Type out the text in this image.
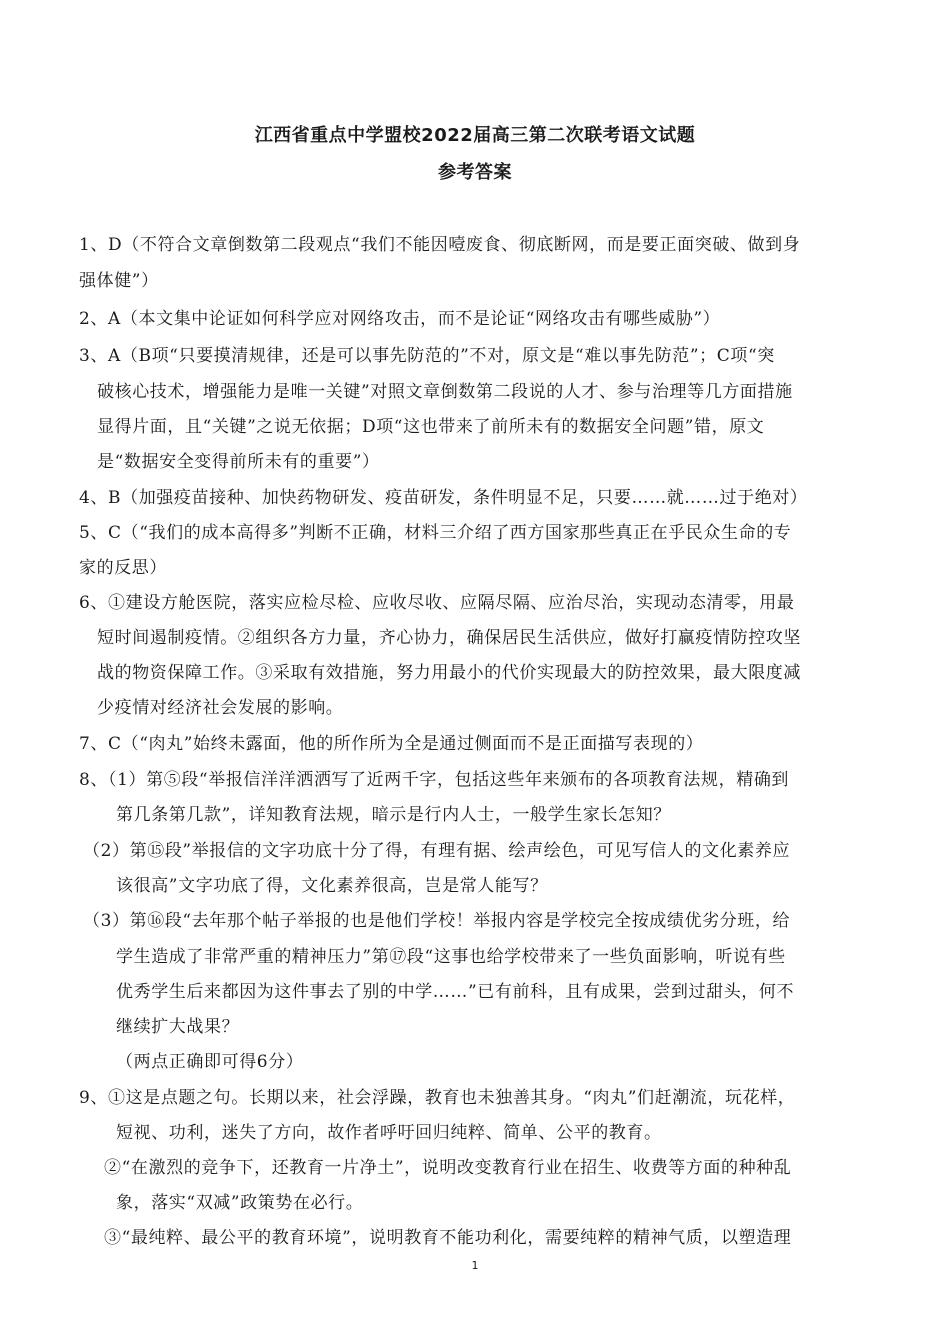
江西省重点中学盟校2022届高三第二次联考语文试题
参考答案
1、D（不符合文章倒数第二段观点“我们不能因噎废食、彻底断网，而是要正面突破、做到身
强体健”）
2、A（本文集中论证如何科学应对网络攻击，而不是论证“网络攻击有哪些威胁”）
3、A（B项“只要摸清规律，还是可以事先防范的”不对，原文是“难以事先防范”；C项“突
破核心技术，增强能力是唯一关键”对照文章倒数第二段说的人才、参与治理等几方面措施
显得片面，且“关键”之说无依据；D项“这也带来了前所未有的数据安全问题”错，原文
是“数据安全变得前所未有的重要”）
4、B（加强疫苗接种、加快药物研发、疫苗研发，条件明显不足，只要……就……过于绝对）
5、C（“我们的成本高得多”判断不正确，材料三介绍了西方国家那些真正在乎民众生命的专
家的反思）
6、①建设方舱医院，落实应检尽检、应收尽收、应隔尽隔、应治尽治，实现动态清零，用最
短时间遏制疫情。②组织各方力量，齐心协力，确保居民生活供应，做好打赢疫情防控攻坚
战的物资保障工作。③采取有效措施，努力用最小的代价实现最大的防控效果，最大限度减
少疫情对经济社会发展的影响。
7、C（“肉丸”始终未露面，他的所作所为全是通过侧面而不是正面描写表现的）
8、（1）第⑤段“举报信洋洋洒洒写了近两千字，包括这些年来颁布的各项教育法规，精确到
第几条第几款”，详知教育法规，暗示是行内人士，一般学生家长怎知？
（2）第⑮段”举报信的文字功底十分了得，有理有据、绘声绘色，可见写信人的文化素养应
该很高”文字功底了得，文化素养很高，岂是常人能写？
（3）第⑯段“去年那个帖子举报的也是他们学校！举报内容是学校完全按成绩优劣分班，给
学生造成了非常严重的精神压力”第⑰段“这事也给学校带来了一些负面影响，听说有些
优秀学生后来都因为这件事去了别的中学……”已有前科，且有成果，尝到过甜头，何不
继续扩大战果？
（两点正确即可得6分）
9、①这是点题之句。长期以来，社会浮躁，教育也未独善其身。“肉丸”们赶潮流，玩花样，
短视、功利，迷失了方向，故作者呼吁回归纯粹、简单、公平的教育。
②“在激烈的竞争下，还教育一片净土”，说明改变教育行业在招生、收费等方面的种种乱
象，落实“双减”政策势在必行。
③“最纯粹、最公平的教育环境”，说明教育不能功利化，需要纯粹的精神气质，以塑造理
1
